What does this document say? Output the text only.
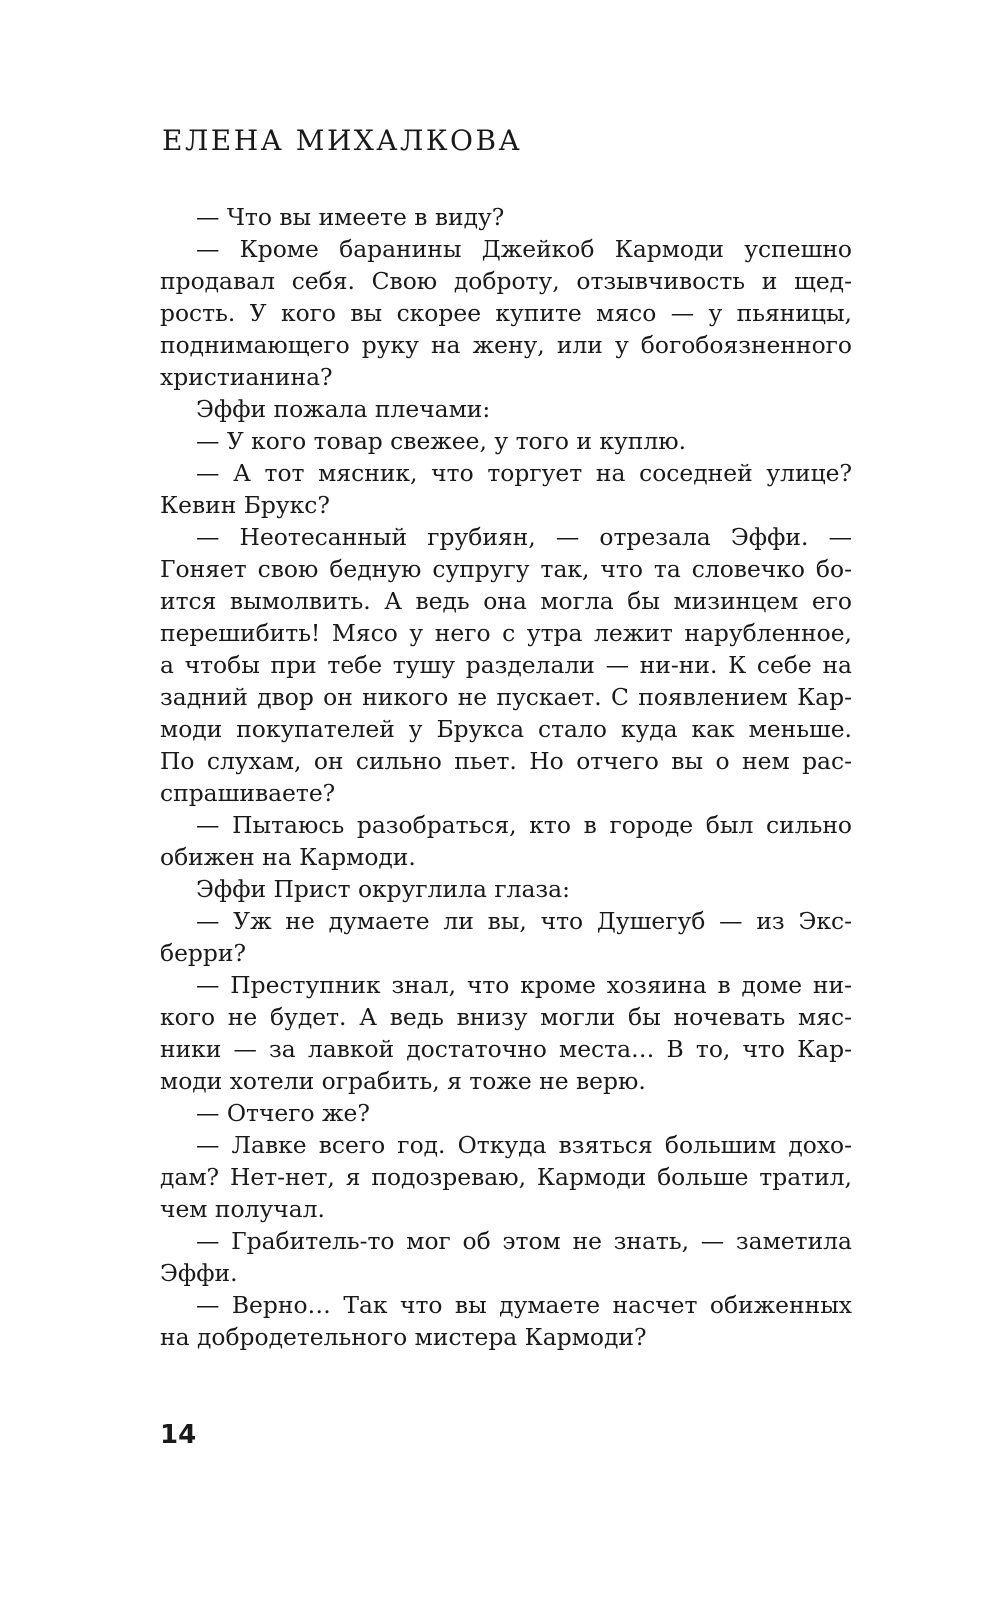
ЕЛЕНА МИХАЛКОВА
— Что вы имеете в виду?
— Кроме баранины Джейкоб Кармоди успешно
продавал себя. Свою доброту, отзывчивость и щед-
рость. У кого вы скорее купите мясо — у пьяницы,
поднимающего руку на жену, или у богобоязненного
христианина?
Эффи пожала плечами:
— У кого товар свежее, у того и куплю.
— А тот мясник, что торгует на соседней улице?
Кевин Брукс?
— Неотесанный грубиян, — отрезала Эффи. —
Гоняет свою бедную супругу так, что та словечко бо-
ится вымолвить. А ведь она могла бы мизинцем его
перешибить! Мясо у него с утра лежит нарубленное,
а чтобы при тебе тушу разделали — ни-ни. К себе на
задний двор он никого не пускает. С появлением Кар-
моди покупателей у Брукса стало куда как меньше.
По слухам, он сильно пьет. Но отчего вы о нем рас-
спрашиваете?
— Пытаюсь разобраться, кто в городе был сильно
обижен на Кармоди.
Эффи Прист округлила глаза:
— Уж не думаете ли вы, что Душегуб — из Экс-
берри?
— Преступник знал, что кроме хозяина в доме ни-
кого не будет. А ведь внизу могли бы ночевать мяс-
ники — за лавкой достаточно места… В то, что Кар-
моди хотели ограбить, я тоже не верю.
— Отчего же?
— Лавке всего год. Откуда взяться большим дохо-
дам? Нет-нет, я подозреваю, Кармоди больше тратил,
чем получал.
— Грабитель-то мог об этом не знать, — заметила
Эффи.
— Верно… Так что вы думаете насчет обиженных
на добродетельного мистера Кармоди?
14
